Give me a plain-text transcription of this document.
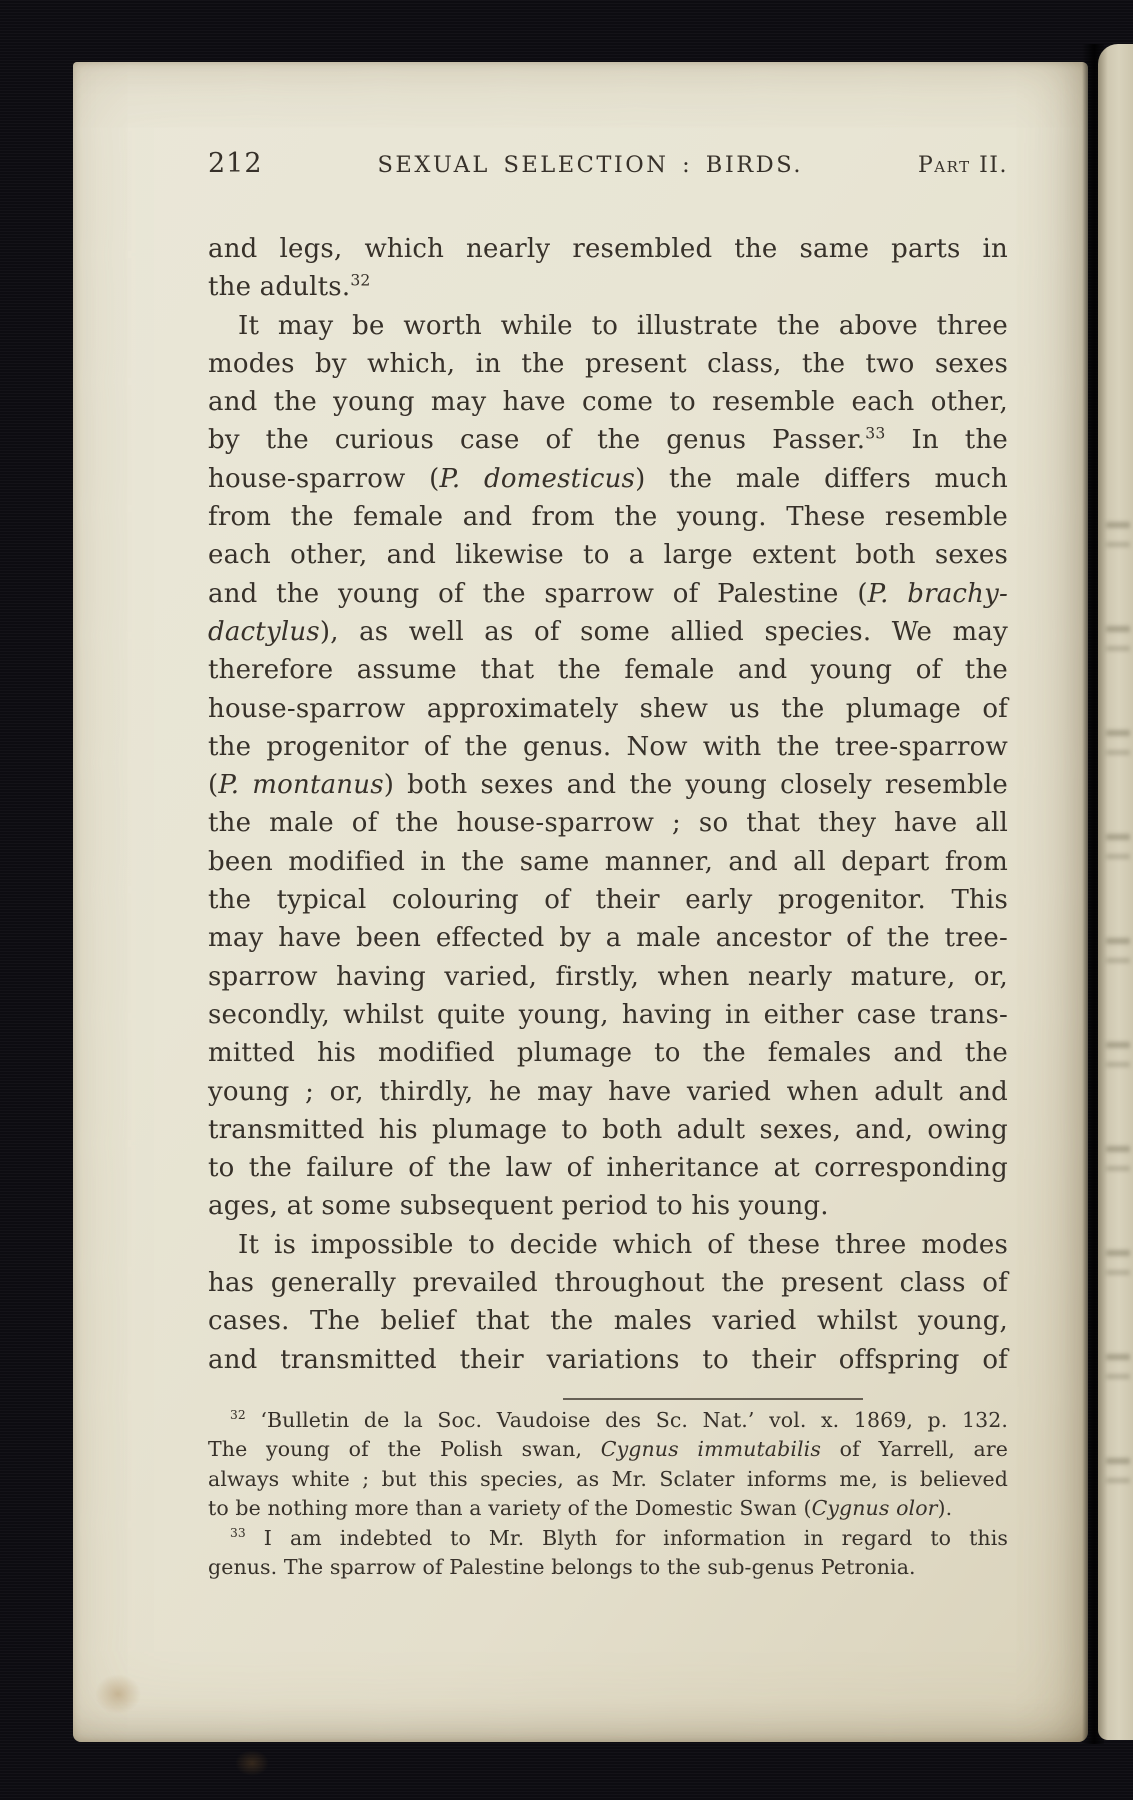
212	SEXUAL SELECTION : BIRDS.	Part II.
and legs, which nearly resembled the same parts in
the adults.$^{32}$
It may be worth while to illustrate the above three
modes by which, in the present class, the two sexes
and the young may have come to resemble each other,
by the curious case of the genus Passer.$^{33}$ In the
house-sparrow (P. domesticus) the male differs much
from the female and from the young. These resemble
each other, and likewise to a large extent both sexes
and the young of the sparrow of Palestine (P. brachy-
dactylus), as well as of some allied species. We may
therefore assume that the female and young of the
house-sparrow approximately shew us the plumage of
the progenitor of the genus. Now with the tree-sparrow
(P. montanus) both sexes and the young closely resemble
the male of the house-sparrow ; so that they have all
been modified in the same manner, and all depart from
the typical colouring of their early progenitor. This
may have been effected by a male ancestor of the tree-
sparrow having varied, firstly, when nearly mature, or,
secondly, whilst quite young, having in either case trans-
mitted his modified plumage to the females and the
young ; or, thirdly, he may have varied when adult and
transmitted his plumage to both adult sexes, and, owing
to the failure of the law of inheritance at corresponding
ages, at some subsequent period to his young.
It is impossible to decide which of these three modes
has generally prevailed throughout the present class of
cases. The belief that the males varied whilst young,
and transmitted their variations to their offspring of
$^{32}$ ‘Bulletin de la Soc. Vaudoise des Sc. Nat.’ vol. x. 1869, p. 132.
The young of the Polish swan, Cygnus immutabilis of Yarrell, are
always white ; but this species, as Mr. Sclater informs me, is believed
to be nothing more than a variety of the Domestic Swan (Cygnus olor).
$^{33}$ I am indebted to Mr. Blyth for information in regard to this
genus. The sparrow of Palestine belongs to the sub-genus Petronia.
